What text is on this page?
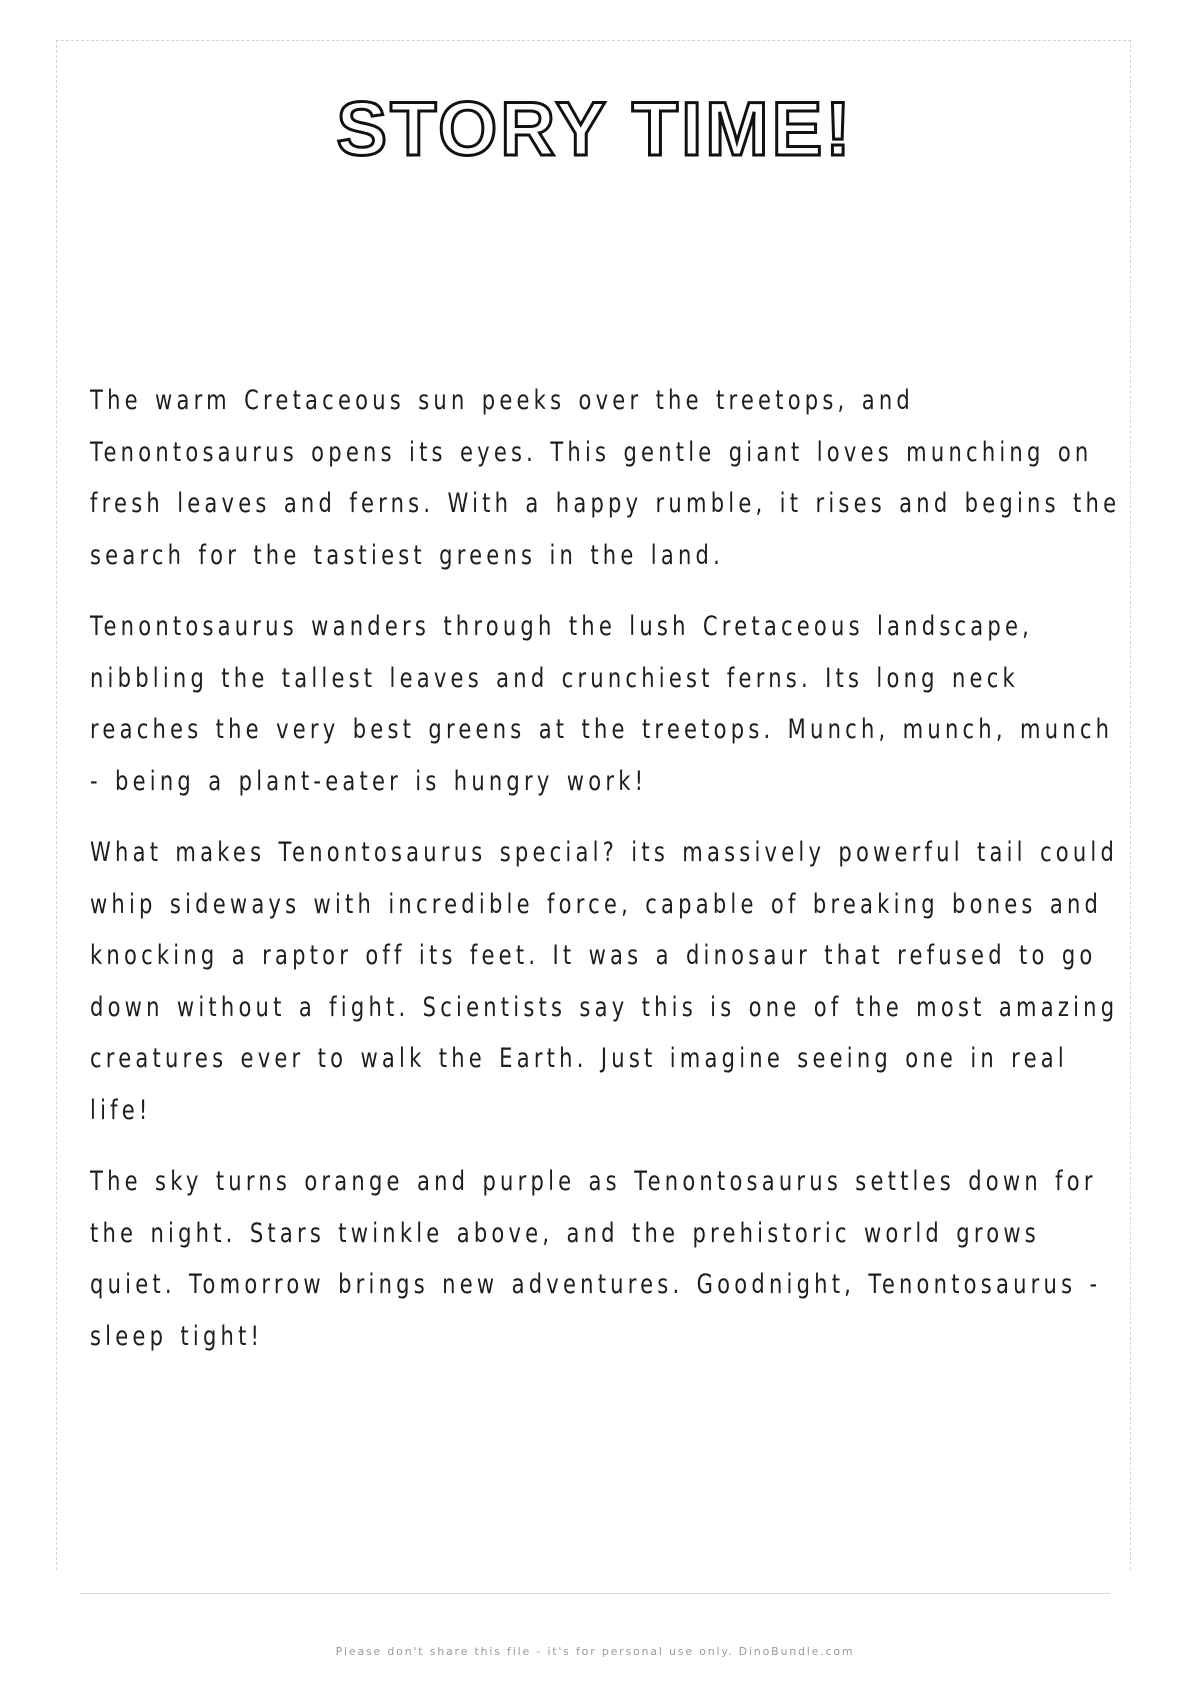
STORY TIME!

The warm Cretaceous sun peeks over the treetops, and Tenontosaurus opens its eyes. This gentle giant loves munching on fresh leaves and ferns. With a happy rumble, it rises and begins the search for the tastiest greens in the land.

Tenontosaurus wanders through the lush Cretaceous landscape, nibbling the tallest leaves and crunchiest ferns. Its long neck reaches the very best greens at the treetops. Munch, munch, munch - being a plant-eater is hungry work!

What makes Tenontosaurus special? its massively powerful tail could whip sideways with incredible force, capable of breaking bones and knocking a raptor off its feet. It was a dinosaur that refused to go down without a fight. Scientists say this is one of the most amazing creatures ever to walk the Earth. Just imagine seeing one in real life!

The sky turns orange and purple as Tenontosaurus settles down for the night. Stars twinkle above, and the prehistoric world grows quiet. Tomorrow brings new adventures. Goodnight, Tenontosaurus - sleep tight!

Please don't share this file - it's for personal use only. DinoBundle.com
